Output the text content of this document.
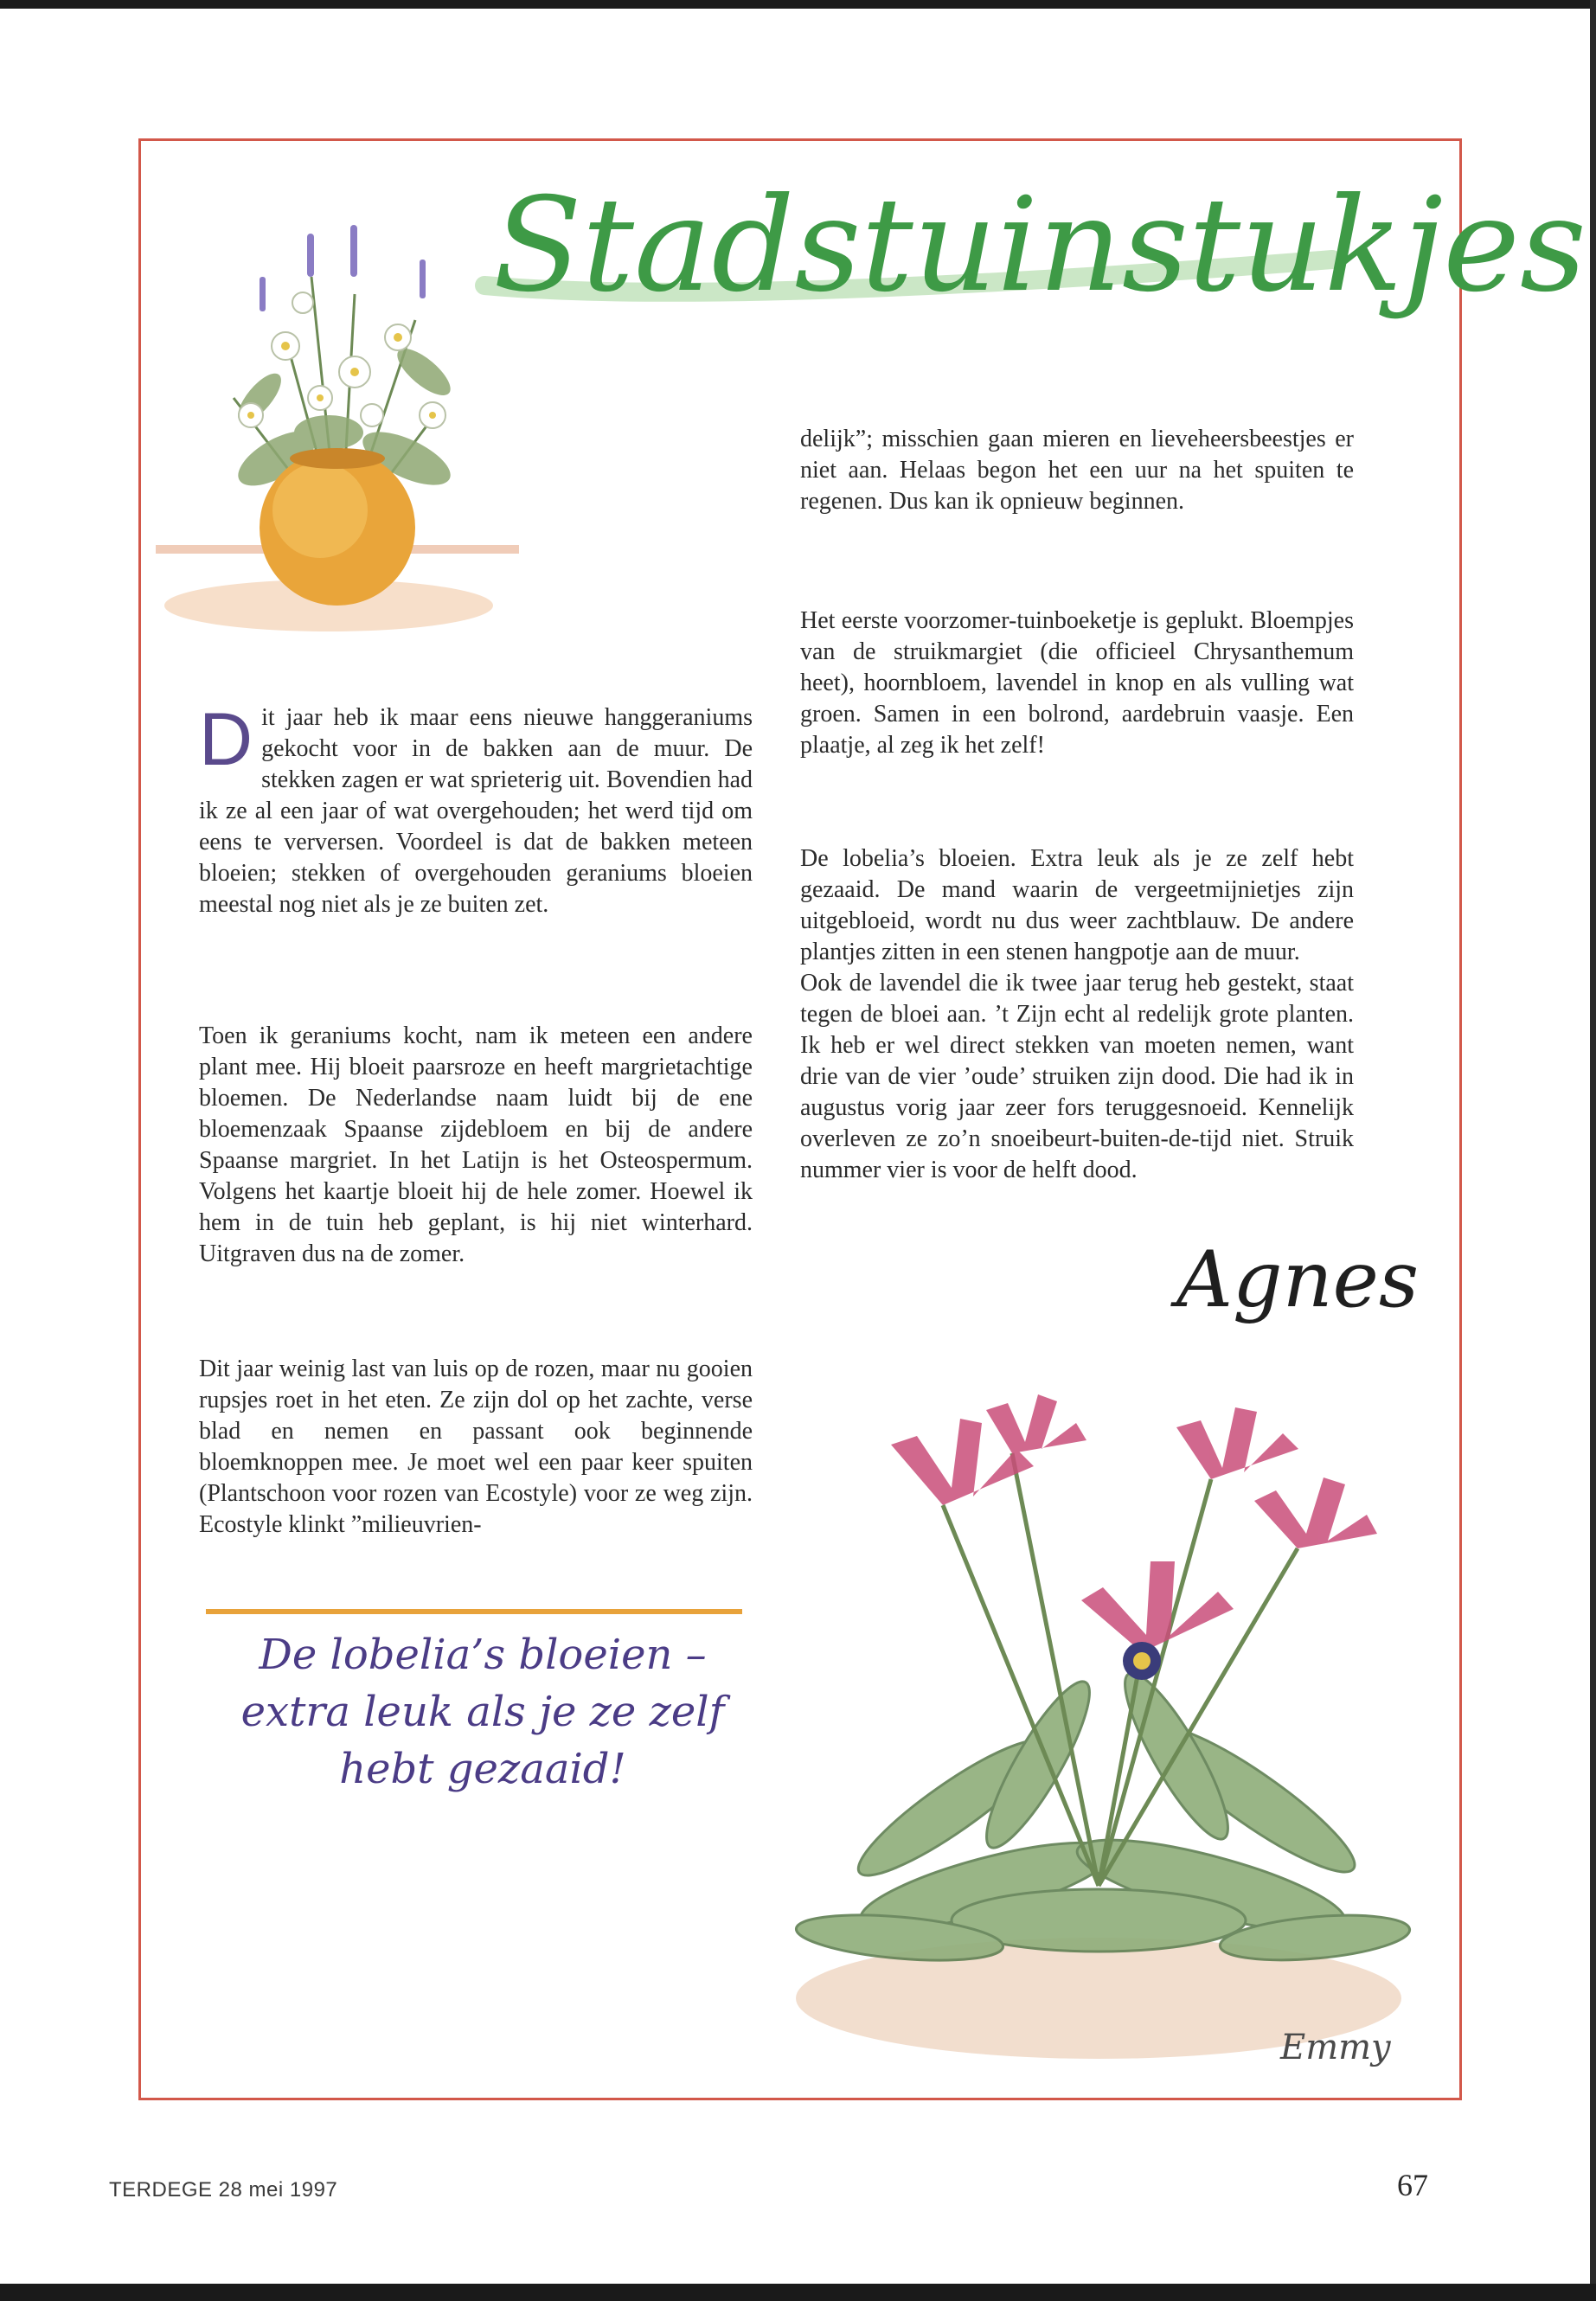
Stadstuinstukjes

Dit jaar heb ik maar eens nieuwe hanggeraniums gekocht voor in de bakken aan de muur. De stekken zagen er wat sprieterig uit. Bovendien had ik ze al een jaar of wat overgehouden; het werd tijd om eens te verversen. Voordeel is dat de bakken meteen bloeien; stekken of overgehouden geraniums bloeien meestal nog niet als je ze buiten zet.

Toen ik geraniums kocht, nam ik meteen een andere plant mee. Hij bloeit paarsroze en heeft margrietachtige bloemen. De Nederlandse naam luidt bij de ene bloemenzaak Spaanse zijdebloem en bij de andere Spaanse margriet. In het Latijn is het Osteospermum. Volgens het kaartje bloeit hij de hele zomer. Hoewel ik hem in de tuin heb geplant, is hij niet winterhard. Uitgraven dus na de zomer.

Dit jaar weinig last van luis op de rozen, maar nu gooien rupsjes roet in het eten. Ze zijn dol op het zachte, verse blad en nemen en passant ook beginnende bloemknoppen mee. Je moet wel een paar keer spuiten (Plantschoon voor rozen van Ecostyle) voor ze weg zijn. Ecostyle klinkt ”milieuvrien-

delijk”; misschien gaan mieren en lieveheersbeestjes er niet aan. Helaas begon het een uur na het spuiten te regenen. Dus kan ik opnieuw beginnen.

Het eerste voorzomer-tuinboeketje is geplukt. Bloempjes van de struikmargiet (die officieel Chrysanthemum heet), hoornbloem, lavendel in knop en als vulling wat groen. Samen in een bolrond, aardebruin vaasje. Een plaatje, al zeg ik het zelf!

De lobelia’s bloeien. Extra leuk als je ze zelf hebt gezaaid. De mand waarin de vergeetmijnietjes zijn uitgebloeid, wordt nu dus weer zachtblauw. De andere plantjes zitten in een stenen hangpotje aan de muur.

Ook de lavendel die ik twee jaar terug heb gestekt, staat tegen de bloei aan. ’t Zijn echt al redelijk grote planten. Ik heb er wel direct stekken van moeten nemen, want drie van de vier ’oude’ struiken zijn dood. Die had ik in augustus vorig jaar zeer fors teruggesnoeid. Kennelijk overleven ze zo’n snoeibeurt-buiten-de-tijd niet. Struik nummer vier is voor de helft dood.

Agnes
De lobelia’s bloeien –
extra leuk als je ze zelf
hebt gezaaid!
Emmy
TERDEGE 28 mei 1997	67
